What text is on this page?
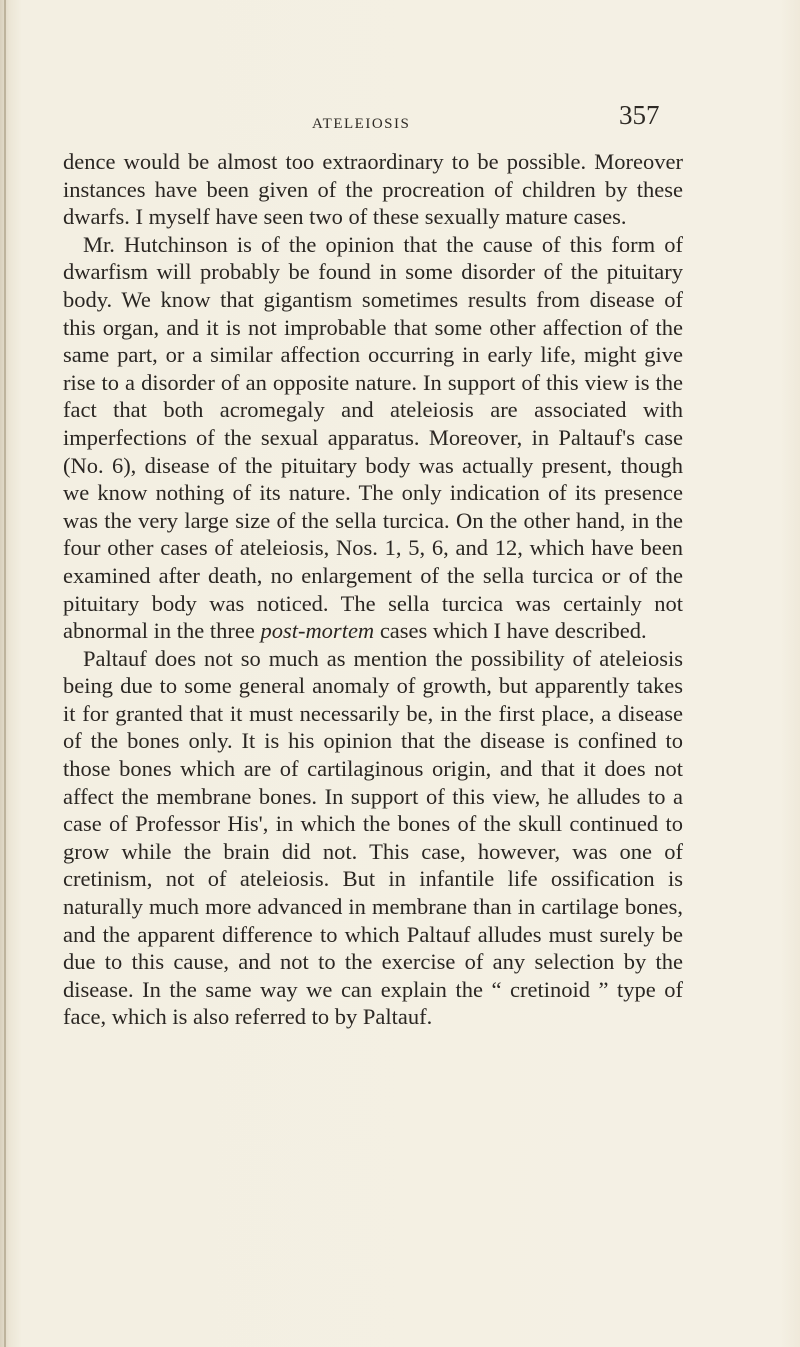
ATELEIOSIS	357

dence would be almost too extraordinary to be possible. Moreover instances have been given of the procreation of children by these dwarfs. I myself have seen two of these sexually mature cases.

Mr. Hutchinson is of the opinion that the cause of this form of dwarfism will probably be found in some disorder of the pituitary body. We know that gigantism sometimes results from disease of this organ, and it is not improbable that some other affection of the same part, or a similar affection occurring in early life, might give rise to a disorder of an opposite nature. In support of this view is the fact that both acromegaly and ateleiosis are associated with imperfections of the sexual apparatus. Moreover, in Paltauf's case (No. 6), disease of the pituitary body was actually present, though we know nothing of its nature. The only indication of its presence was the very large size of the sella turcica. On the other hand, in the four other cases of ateleiosis, Nos. 1, 5, 6, and 12, which have been examined after death, no enlargement of the sella turcica or of the pituitary body was noticed. The sella turcica was certainly not abnormal in the three post-mortem cases which I have described.

Paltauf does not so much as mention the possibility of ateleiosis being due to some general anomaly of growth, but apparently takes it for granted that it must necessarily be, in the first place, a disease of the bones only. It is his opinion that the disease is confined to those bones which are of cartilaginous origin, and that it does not affect the membrane bones. In support of this view, he alludes to a case of Professor His', in which the bones of the skull continued to grow while the brain did not. This case, however, was one of cretinism, not of ateleiosis. But in infantile life ossification is naturally much more advanced in membrane than in cartilage bones, and the apparent difference to which Paltauf alludes must surely be due to this cause, and not to the exercise of any selection by the disease. In the same way we can explain the “ cretinoid ” type of face, which is also referred to by Paltauf.
